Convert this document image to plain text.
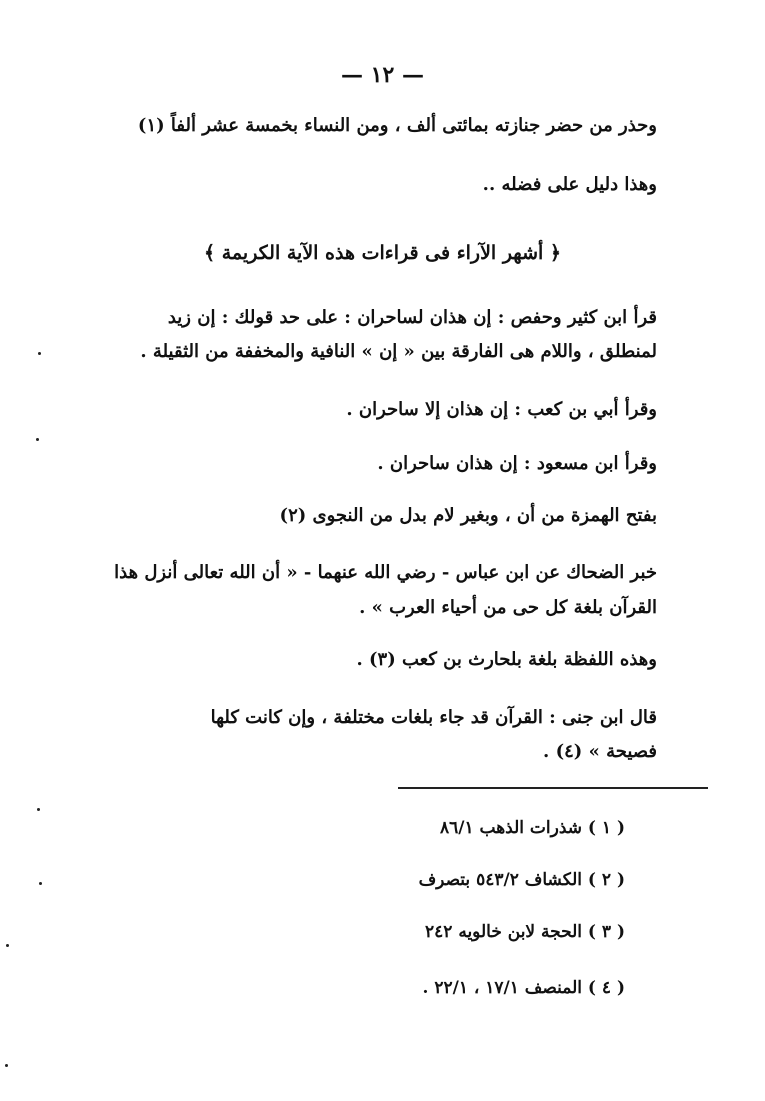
— ١٢ —
وحذر من حضر جنازته بمائتى ألف ، ومن النساء بخمسة عشر ألفاً (١)
وهذا دليل على فضله ..
﴿ أشهر الآراء فى قراءات هذه الآية الكريمة ﴾
قرأ ابن كثير وحفص : إن هذان لساحران : على حد قولك : إن زيد
لمنطلق ، واللام هى الفارقة بين « إن » النافية والمخففة من الثقيلة .
وقرأ أبي بن كعب : إن هذان إلا ساحران .
وقرأ ابن مسعود : إن هذان ساحران .
بفتح الهمزة من أن ، وبغير لام بدل من النجوى (٢)
خبر الضحاك عن ابن عباس - رضي الله عنهما - « أن الله تعالى أنزل هذا
القرآن بلغة كل حى من أحياء العرب » .
وهذه اللفظة بلغة بلحارث بن كعب (٣) .
قال ابن جنى : القرآن قد جاء بلغات مختلفة ، وإن كانت كلها
فصيحة » (٤) .
( ١ ) شذرات الذهب ٨٦/١
( ٢ ) الكشاف ٥٤٣/٢ بتصرف
( ٣ ) الحجة لابن خالويه ٢٤٢
( ٤ ) المنصف ١٧/١ ، ٢٢/١ .
